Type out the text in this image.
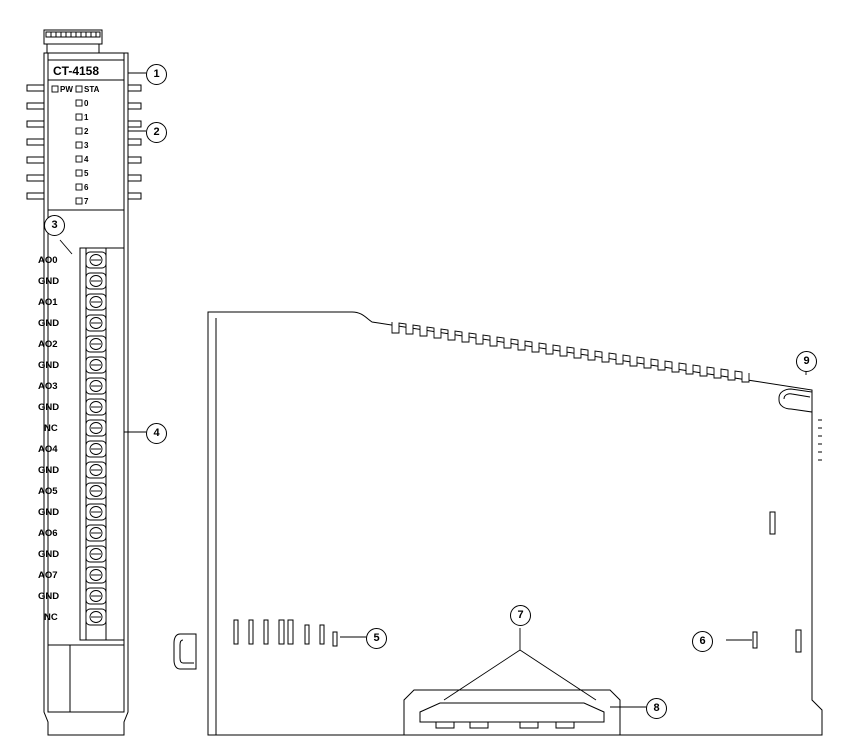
CT-4158
PW STA
0
1
2
3
4
5
6
7
AO0
GND
AO1
GND
AO2
GND
AO3
GND
NC
AO4
GND
AO5
GND
AO6
GND
AO7
GND
NC
1
2
3
4
5	6
7
8
9
